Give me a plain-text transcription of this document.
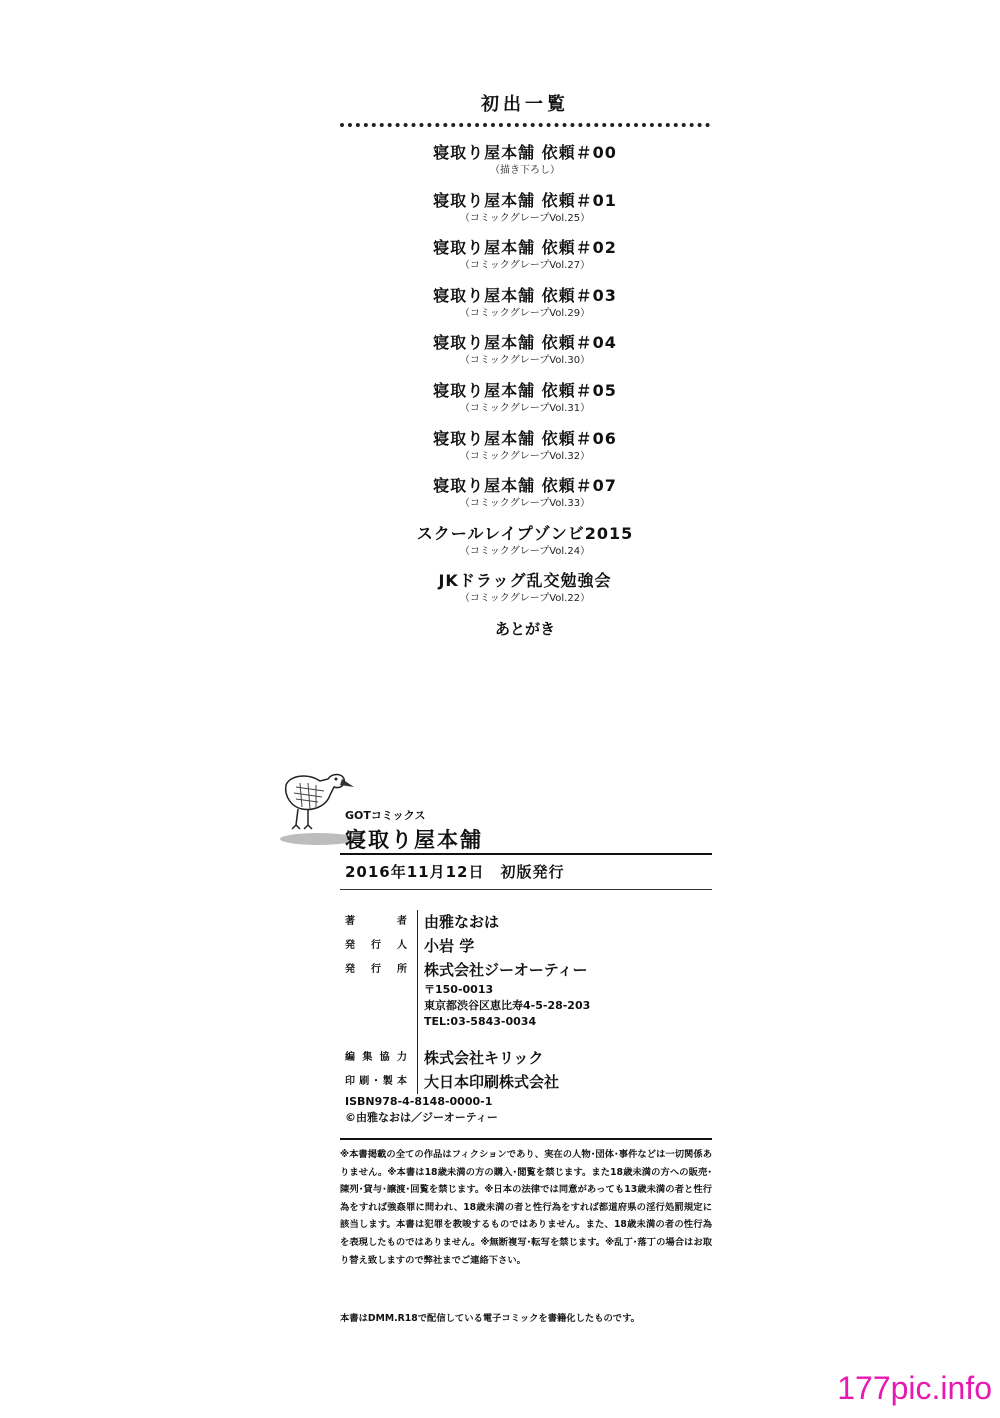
初出一覧
寝取り屋本舗 依頼＃00
（描き下ろし）
寝取り屋本舗 依頼＃01
（コミックグレープVol.25）
寝取り屋本舗 依頼＃02
（コミックグレープVol.27）
寝取り屋本舗 依頼＃03
（コミックグレープVol.29）
寝取り屋本舗 依頼＃04
（コミックグレープVol.30）
寝取り屋本舗 依頼＃05
（コミックグレープVol.31）
寝取り屋本舗 依頼＃06
（コミックグレープVol.32）
寝取り屋本舗 依頼＃07
（コミックグレープVol.33）
スクールレイプゾンビ2015
（コミックグレープVol.24）
JKドラッグ乱交勉強会
（コミックグレープVol.22）
あとがき
GOTコミックス
寝取り屋本舗
2016年11月12日　初版発行
著者	由雅なおは
発行人	小岩 学
発行所	株式会社ジーオーティー
〒150-0013
東京都渋谷区恵比寿4-5-28-203
TEL:03-5843-0034
編集協力	株式会社キリック
印刷･製本	大日本印刷株式会社
ISBN978-4-8148-0000-1
©由雅なおは／ジーオーティー
※本書掲載の全ての作品はフィクションであり、実在の人物･団体･事件などは一切関係ありません。※本書は18歳未満の方の購入･閲覧を禁じます。また18歳未満の方への販売･陳列･貸与･譲渡･回覧を禁じます。※日本の法律では同意があっても13歳未満の者と性行為をすれば強姦罪に問われ、18歳未満の者と性行為をすれば都道府県の淫行処罰規定に該当します。本書は犯罪を教唆するものではありません。また、18歳未満の者の性行為を表現したものではありません。※無断複写･転写を禁じます。※乱丁･落丁の場合はお取り替え致しますので弊社までご連絡下さい。
本書はDMM.R18で配信している電子コミックを書籍化したものです。
177pic.info
